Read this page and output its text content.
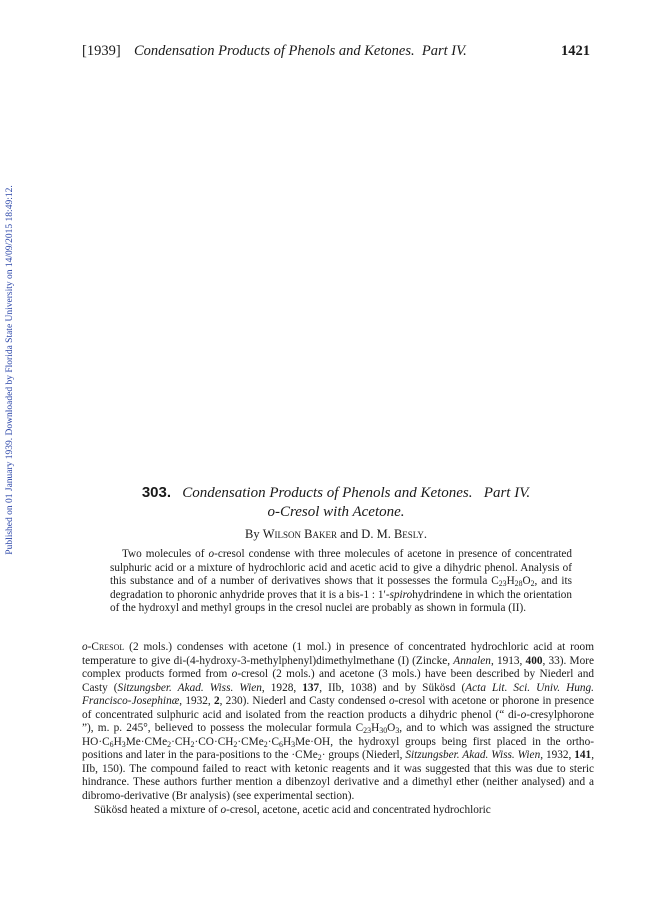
[1939] Condensation Products of Phenols and Ketones. Part IV.	1421
Published on 01 January 1939. Downloaded by Florida State University on 14/09/2015 18:49:12.	303. Condensation Products of Phenols and Ketones. Part IV.
o-Cresol with Acetone.
By Wilson Baker and D. M. Besly.

Two molecules of o-cresol condense with three molecules of acetone in presence of concentrated sulphuric acid or a mixture of hydrochloric acid and acetic acid to give a dihydric phenol. Analysis of this substance and of a number of derivatives shows that it possesses the formula $C_{23}H_{28}O_2$, and its degradation to phoronic anhydride proves that it is a bis-1 : 1′-spirohydrindene in which the orientation of the hydroxyl and methyl groups in the cresol nuclei are probably as shown in formula (II).

o-Cresol (2 mols.) condenses with acetone (1 mol.) in presence of concentrated hydrochloric acid at room temperature to give di-(4-hydroxy-3-methylphenyl)dimethylmethane (I) (Zincke, Annalen, 1913, 400, 33). More complex products formed from o-cresol (2 mols.) and acetone (3 mols.) have been described by Niederl and Casty (Sitzungsber. Akad. Wiss. Wien, 1928, 137, IIb, 1038) and by Sükösd (Acta Lit. Sci. Univ. Hung. Francisco-Josephinæ, 1932, 2, 230). Niederl and Casty condensed o-cresol with acetone or phorone in presence of concentrated sulphuric acid and isolated from the reaction products a dihydric phenol (“ di-o-cresylphorone ”), m. p. 245°, believed to possess the molecular formula $C_{23}H_{30}O_3$, and to which was assigned the structure $HO\cdot C_6H_3Me\cdot CMe_2\cdot CH_2\cdot CO\cdot CH_2\cdot CMe_2\cdot C_6H_3Me\cdot OH$, the hydroxyl groups being first placed in the ortho-positions and later in the para-positions to the ·CMe$_2$· groups (Niederl, Sitzungsber. Akad. Wiss. Wien, 1932, 141, IIb, 150). The compound failed to react with ketonic reagents and it was suggested that this was due to steric hindrance. These authors further mention a dibenzoyl derivative and a dimethyl ether (neither analysed) and a dibromo-derivative (Br analysis) (see experimental section).

Sükösd heated a mixture of o-cresol, acetone, acetic acid and concentrated hydrochloric
